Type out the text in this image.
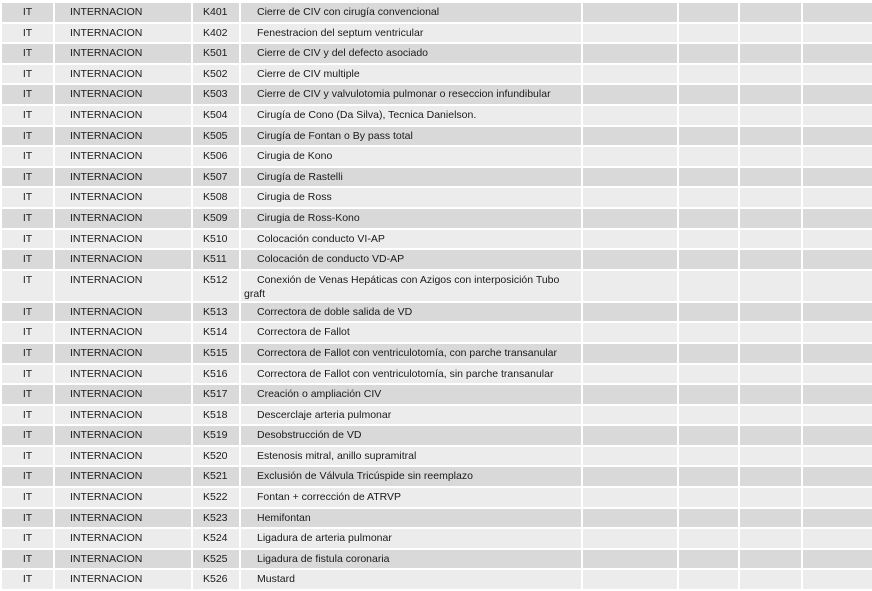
IT	INTERNACION	K401	Cierre de CIV con cirugía convencional				
IT	INTERNACION	K402	Fenestracion del septum ventricular				
IT	INTERNACION	K501	Cierre de CIV y del defecto asociado				
IT	INTERNACION	K502	Cierre de CIV multiple				
IT	INTERNACION	K503	Cierre de CIV y valvulotomia pulmonar o reseccion infundibular				
IT	INTERNACION	K504	Cirugía de Cono (Da Silva), Tecnica Danielson.				
IT	INTERNACION	K505	Cirugía de Fontan o By pass total				
IT	INTERNACION	K506	Cirugia de Kono				
IT	INTERNACION	K507	Cirugía de Rastelli				
IT	INTERNACION	K508	Cirugia de Ross				
IT	INTERNACION	K509	Cirugia de Ross-Kono				
IT	INTERNACION	K510	Colocación conducto VI-AP				
IT	INTERNACION	K511	Colocación de conducto VD-AP				
IT	INTERNACION	K512	Conexión de Venas Hepáticas con Azigos con interposición Tubo graft				
IT	INTERNACION	K513	Correctora de doble salida de VD				
IT	INTERNACION	K514	Correctora de Fallot				
IT	INTERNACION	K515	Correctora de Fallot con ventriculotomía, con parche transanular				
IT	INTERNACION	K516	Correctora de Fallot con ventriculotomía, sin parche transanular				
IT	INTERNACION	K517	Creación o ampliación CIV				
IT	INTERNACION	K518	Descerclaje arteria pulmonar				
IT	INTERNACION	K519	Desobstrucción de VD				
IT	INTERNACION	K520	Estenosis mitral, anillo supramitral				
IT	INTERNACION	K521	Exclusión de Válvula Tricúspide sin reemplazo				
IT	INTERNACION	K522	Fontan + corrección de ATRVP				
IT	INTERNACION	K523	Hemifontan				
IT	INTERNACION	K524	Ligadura de arteria pulmonar				
IT	INTERNACION	K525	Ligadura de fistula coronaria				
IT	INTERNACION	K526	Mustard				
